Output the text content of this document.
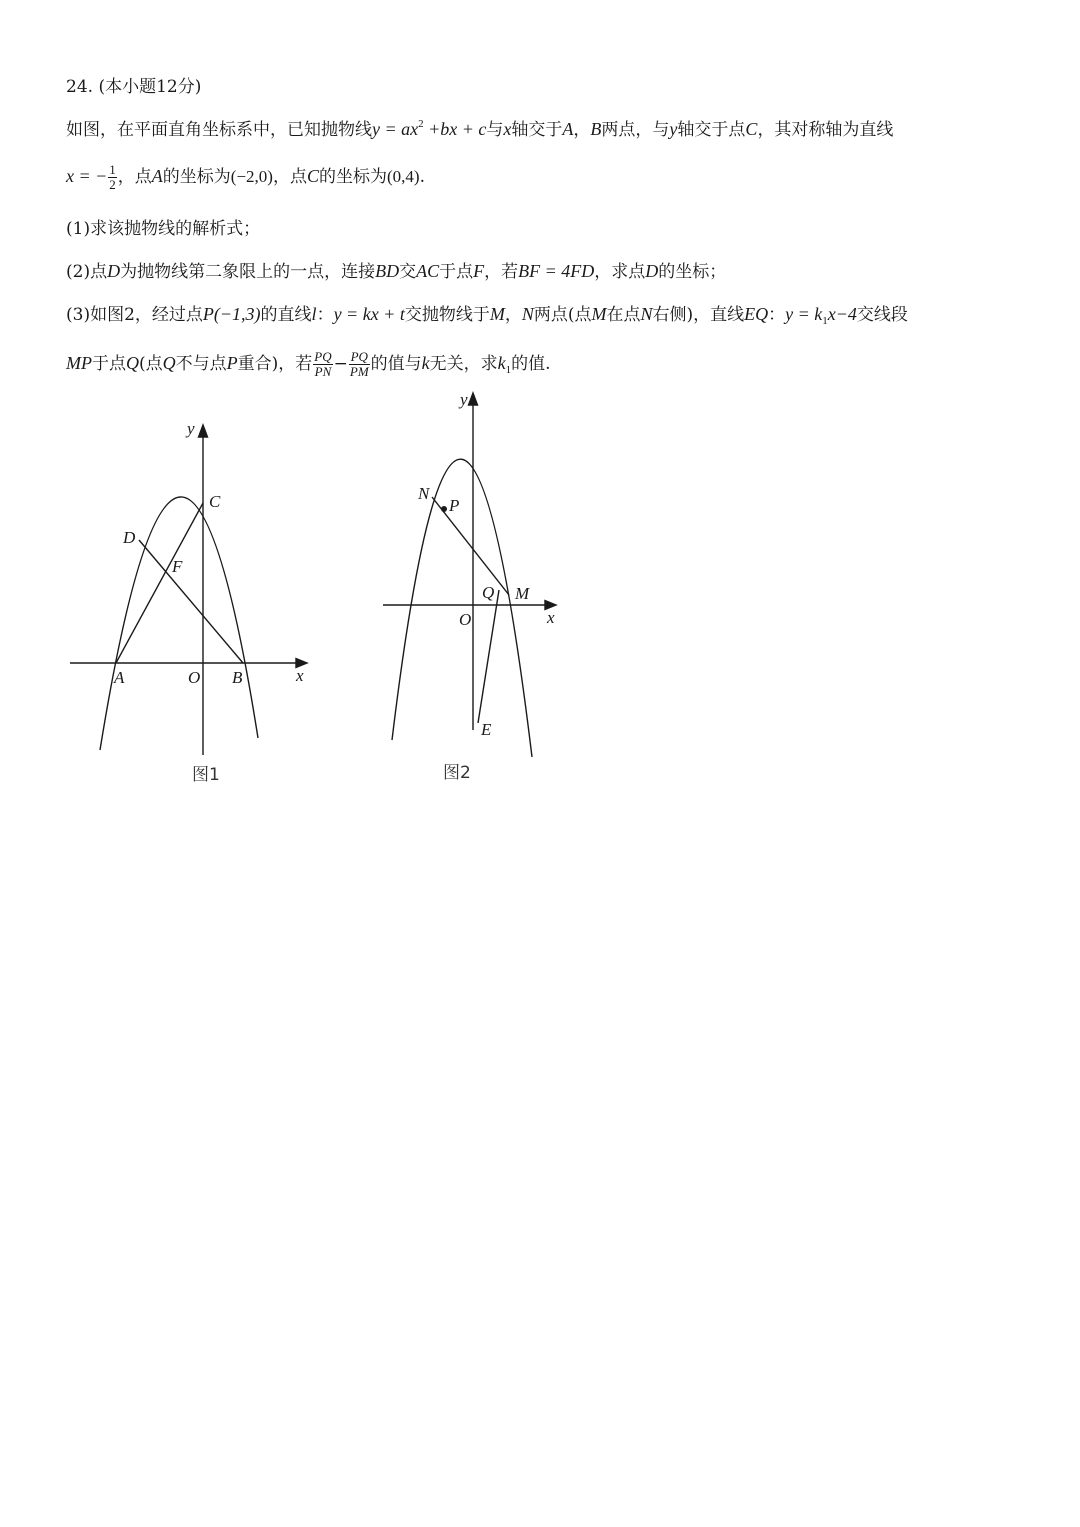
24. (本小题12分)
如图，在平面直角坐标系中，已知抛物线$y = ax^2 +bx + c$与x轴交于A，B两点，与y轴交于点C，其对称轴为直线
x = − $\frac{1}{2}$ ，点A的坐标为(−2,0)，点C的坐标为(0,4).
(1)求该抛物线的解析式；
(2)点D为抛物线第二象限上的一点，连接BD交AC于点F，若BF = 4FD，求点D的坐标；
(3)如图2，经过点P(−1,3)的直线l：y = kx + t交抛物线于M，N两点(点M在点N右侧)，直线EQ：$y = k_1x-4$交线段
MP于点Q(点Q不与点P重合)，若 $\frac{PQ}{PN} - \frac{PQ}{PM}$ 的值与k无关，求$k_1$的值.
y
C
D
F
A	O B	x
图1
y
N
P
Q M
O	x
E
图2
